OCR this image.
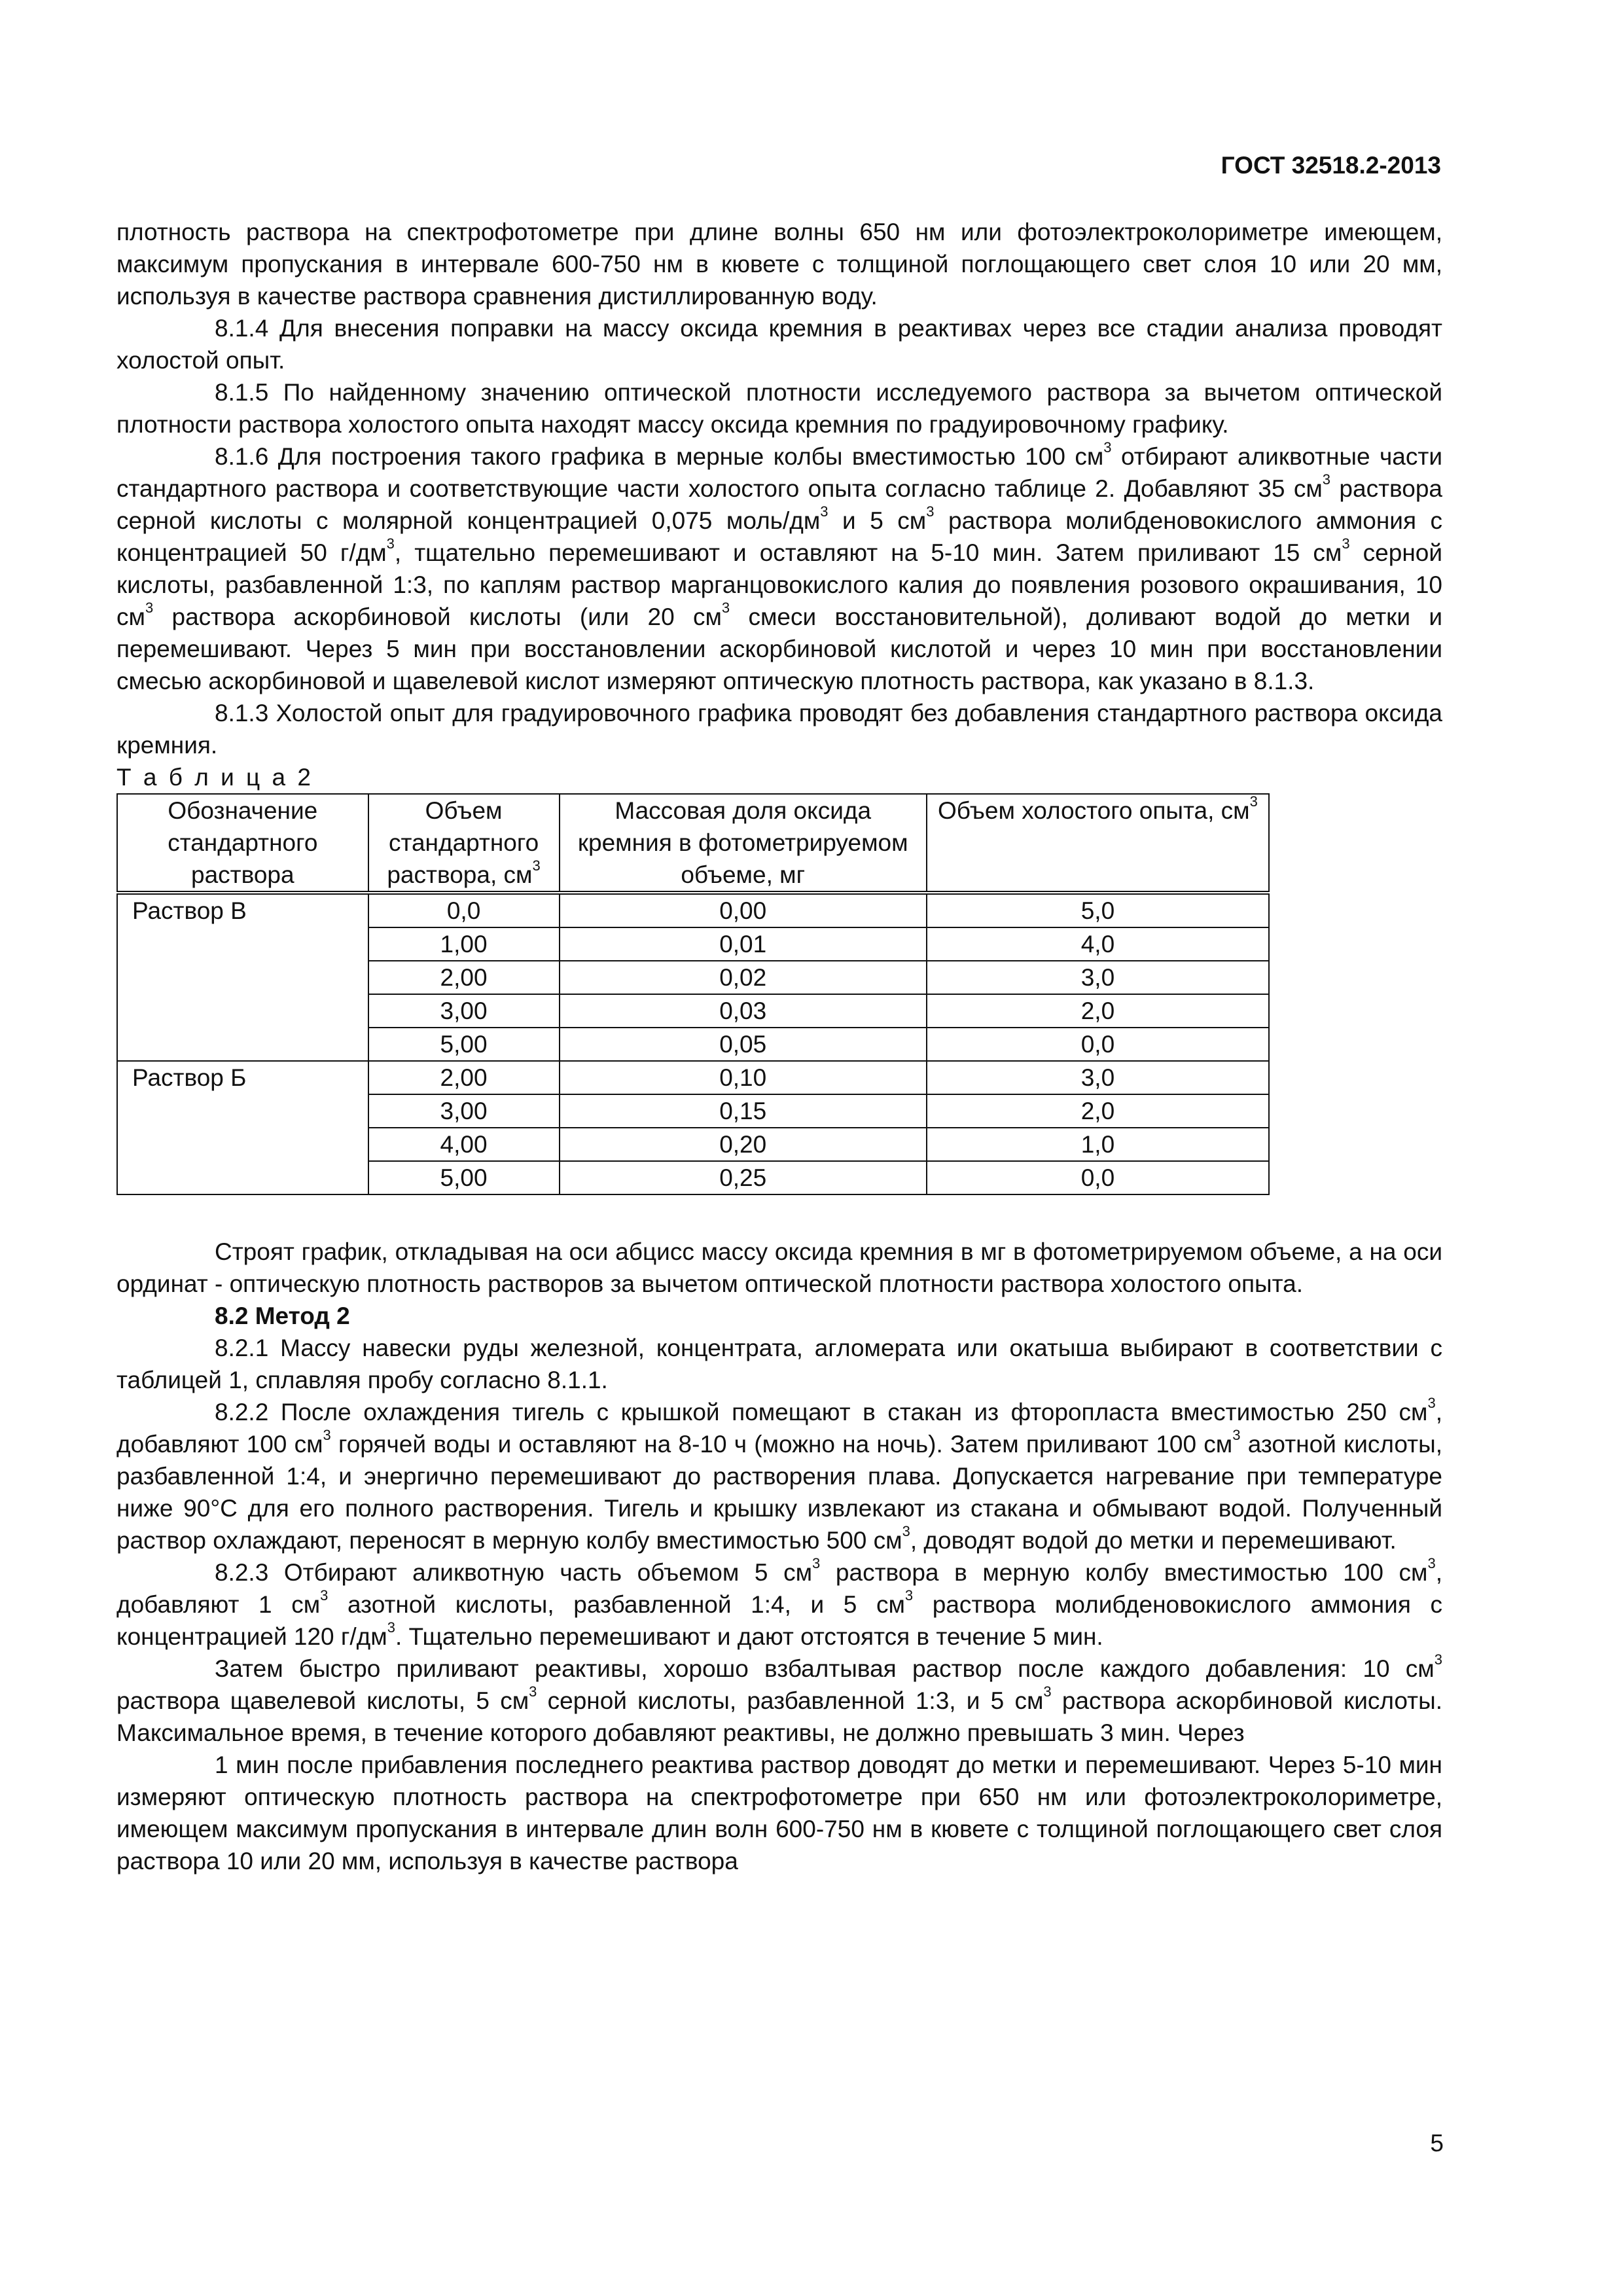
ГОСТ 32518.2-2013

плотность раствора на спектрофотометре при длине волны 650 нм или фотоэлектроколориметре имеющем, максимум пропускания в интервале 600-750 нм в кювете с толщиной поглощающего свет слоя 10 или 20 мм, используя в качестве раствора сравнения дистиллированную воду.

8.1.4 Для внесения поправки на массу оксида кремния в реактивах через все стадии анализа проводят холостой опыт.

8.1.5 По найденному значению оптической плотности исследуемого раствора за вычетом оптической плотности раствора холостого опыта находят массу оксида кремния по градуировочному графику.

8.1.6 Для построения такого графика в мерные колбы вместимостью 100 $см^3$ отбирают аликвотные части стандартного раствора и соответствующие части холостого опыта согласно таблице 2. Добавляют 35 $см^3$ раствора серной кислоты с молярной концентрацией 0,075 моль/$дм^3$ и 5 $см^3$ раствора молибденовокислого аммония с концентрацией 50 $г/дм^3$, тщательно перемешивают и оставляют на 5-10 мин. Затем приливают 15 $см^3$ серной кислоты, разбавленной 1:3, по каплям раствор марганцовокислого калия до появления розового окрашивания, 10 $см^3$ раствора аскорбиновой кислоты (или 20 $см^3$ смеси восстановительной), доливают водой до метки и перемешивают. Через 5 мин при восстановлении аскорбиновой кислотой и через 10 мин при восстановлении смесью аскорбиновой и щавелевой кислот измеряют оптическую плотность раствора, как указано в 8.1.3.

8.1.3 Холостой опыт для градуировочного графика проводят без добавления стандартного раствора оксида кремния.

Т а б л и ц а 2

Обозначение стандартного раствора	Объем стандартного раствора, $см^3$	Массовая доля оксида кремния в фотометрируемом объеме, мг	Объем холостого опыта, $см^3$
Раствор В	0,0	0,00	5,0
	1,00	0,01	4,0
	2,00	0,02	3,0
	3,00	0,03	2,0
	5,00	0,05	0,0
Раствор Б	2,00	0,10	3,0
	3,00	0,15	2,0
	4,00	0,20	1,0
	5,00	0,25	0,0

Строят график, откладывая на оси абцисс массу оксида кремния в мг в фотометрируемом объеме, а на оси ординат - оптическую плотность растворов за вычетом оптической плотности раствора холостого опыта.

8.2 Метод 2

8.2.1 Массу навески руды железной, концентрата, агломерата или окатыша выбирают в соответствии с таблицей 1, сплавляя пробу согласно 8.1.1.

8.2.2 После охлаждения тигель с крышкой помещают в стакан из фторопласта вместимостью 250 $см^3$, добавляют 100 $см^3$ горячей воды и оставляют на 8-10 ч (можно на ночь). Затем приливают 100 $см^3$ азотной кислоты, разбавленной 1:4, и энергично перемешивают до растворения плава. Допускается нагревание при температуре ниже 90°С для его полного растворения. Тигель и крышку извлекают из стакана и обмывают водой. Полученный раствор охлаждают, переносят в мерную колбу вместимостью 500 $см^3$, доводят водой до метки и перемешивают.

8.2.3 Отбирают аликвотную часть объемом 5 $см^3$ раствора в мерную колбу вместимостью 100 $см^3$, добавляют 1 $см^3$ азотной кислоты, разбавленной 1:4, и 5 $см^3$ раствора молибденовокислого аммония с концентрацией 120 $г/дм^3$. Тщательно перемешивают и дают отстоятся в течение 5 мин.

Затем быстро приливают реактивы, хорошо взбалтывая раствор после каждого добавления: 10 $см^3$ раствора щавелевой кислоты, 5 $см^3$ серной кислоты, разбавленной 1:3, и 5 $см^3$ раствора аскорбиновой кислоты. Максимальное время, в течение которого добавляют реактивы, не должно превышать 3 мин. Через

1 мин после прибавления последнего реактива раствор доводят до метки и перемешивают. Через 5-10 мин измеряют оптическую плотность раствора на спектрофотометре при 650 нм или фотоэлектроколориметре, имеющем максимум пропускания в интервале длин волн 600-750 нм в кювете с толщиной поглощающего свет слоя раствора 10 или 20 мм, используя в качестве раствора

5
